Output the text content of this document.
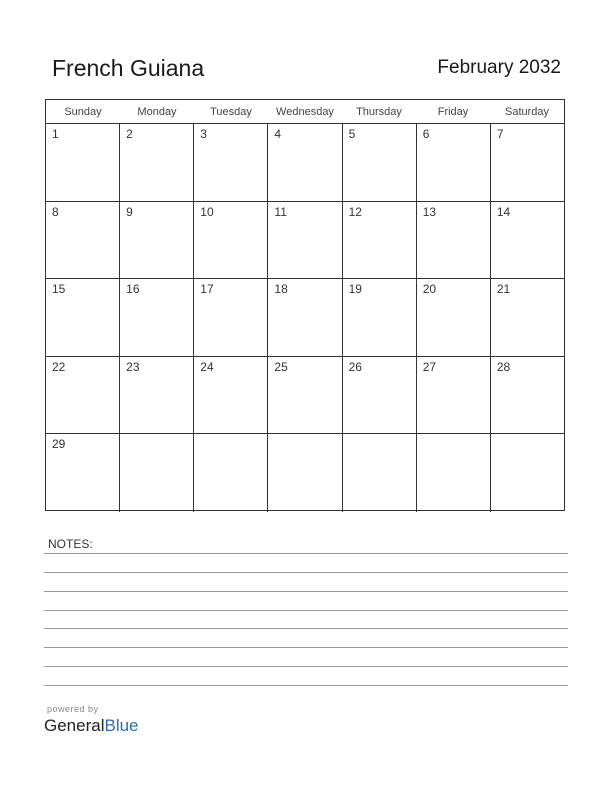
French Guiana	February 2032
Sunday	Monday	Tuesday	Wednesday	Thursday	Friday	Saturday
1	2	3	4	5	6	7
8	9	10	11	12	13	14
15	16	17	18	19	20	21
22	23	24	25	26	27	28
29
NOTES:
powered by
GeneralBlue
